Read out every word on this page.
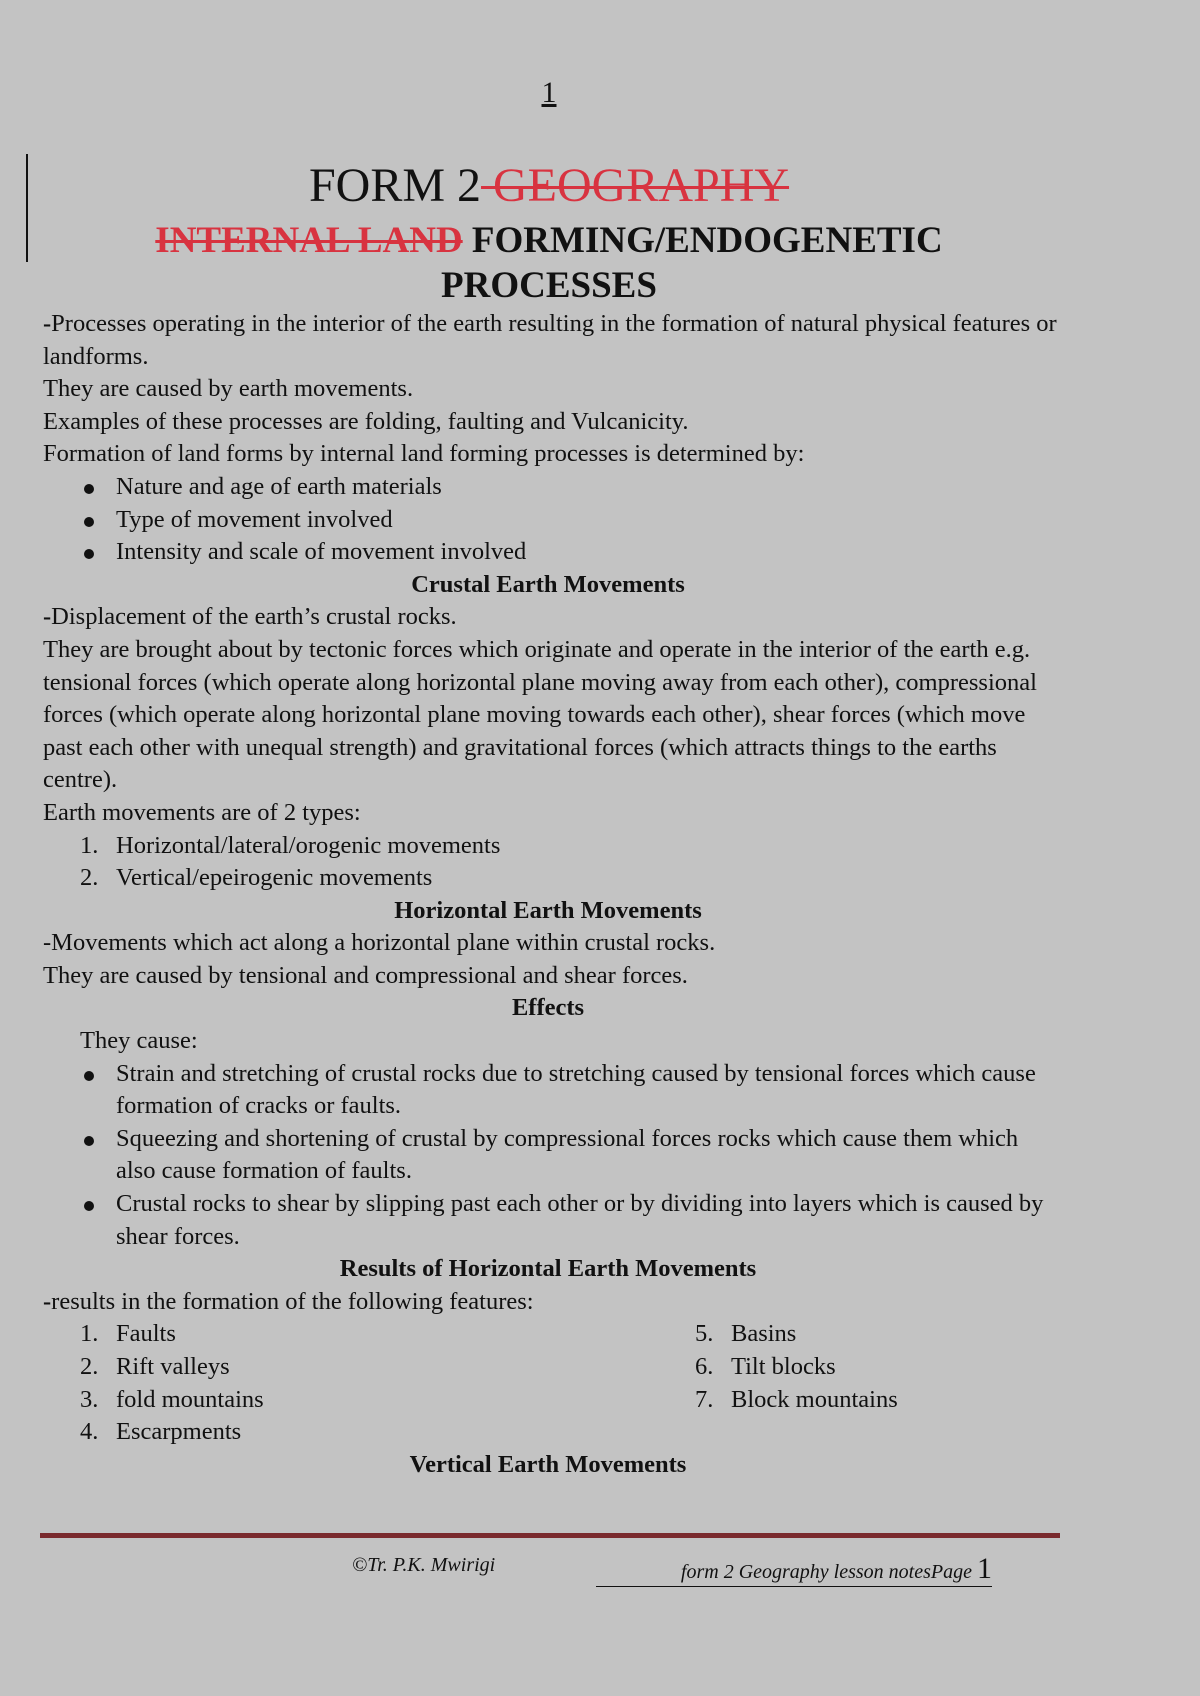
1
FORM 2 GEOGRAPHY
INTERNAL LAND FORMING/ENDOGENETIC
PROCESSES

-Processes operating in the interior of the earth resulting in the formation of natural physical features or landforms.

They are caused by earth movements.

Examples of these processes are folding, faulting and Vulcanicity.

Formation of land forms by internal land forming processes is determined by:

Nature and age of earth materials
Type of movement involved
Intensity and scale of movement involved

Crustal Earth Movements

-Displacement of the earth’s crustal rocks.

They are brought about by tectonic forces which originate and operate in the interior of the earth e.g. tensional forces (which operate along horizontal plane moving away from each other), compressional forces (which operate along horizontal plane moving towards each other), shear forces (which move past each other with unequal strength) and gravitational forces (which attracts things to the earths centre).

Earth movements are of 2 types:

1. Horizontal/lateral/orogenic movements
2. Vertical/epeirogenic movements

Horizontal Earth Movements

-Movements which act along a horizontal plane within crustal rocks.

They are caused by tensional and compressional and shear forces.

Effects

They cause:

Strain and stretching of crustal rocks due to stretching caused by tensional forces which cause formation of cracks or faults.
Squeezing and shortening of crustal by compressional forces rocks which cause them which also cause formation of faults.
Crustal rocks to shear by slipping past each other or by dividing into layers which is caused by shear forces.

Results of Horizontal Earth Movements

-results in the formation of the following features:

1. Faults
2. Rift valleys
3. fold mountains
4. Escarpments
5. Basins
6. Tilt blocks
7. Block mountains

Vertical Earth Movements

©Tr. P.K. Mwirigi	form 2 Geography lesson notesPage 1
